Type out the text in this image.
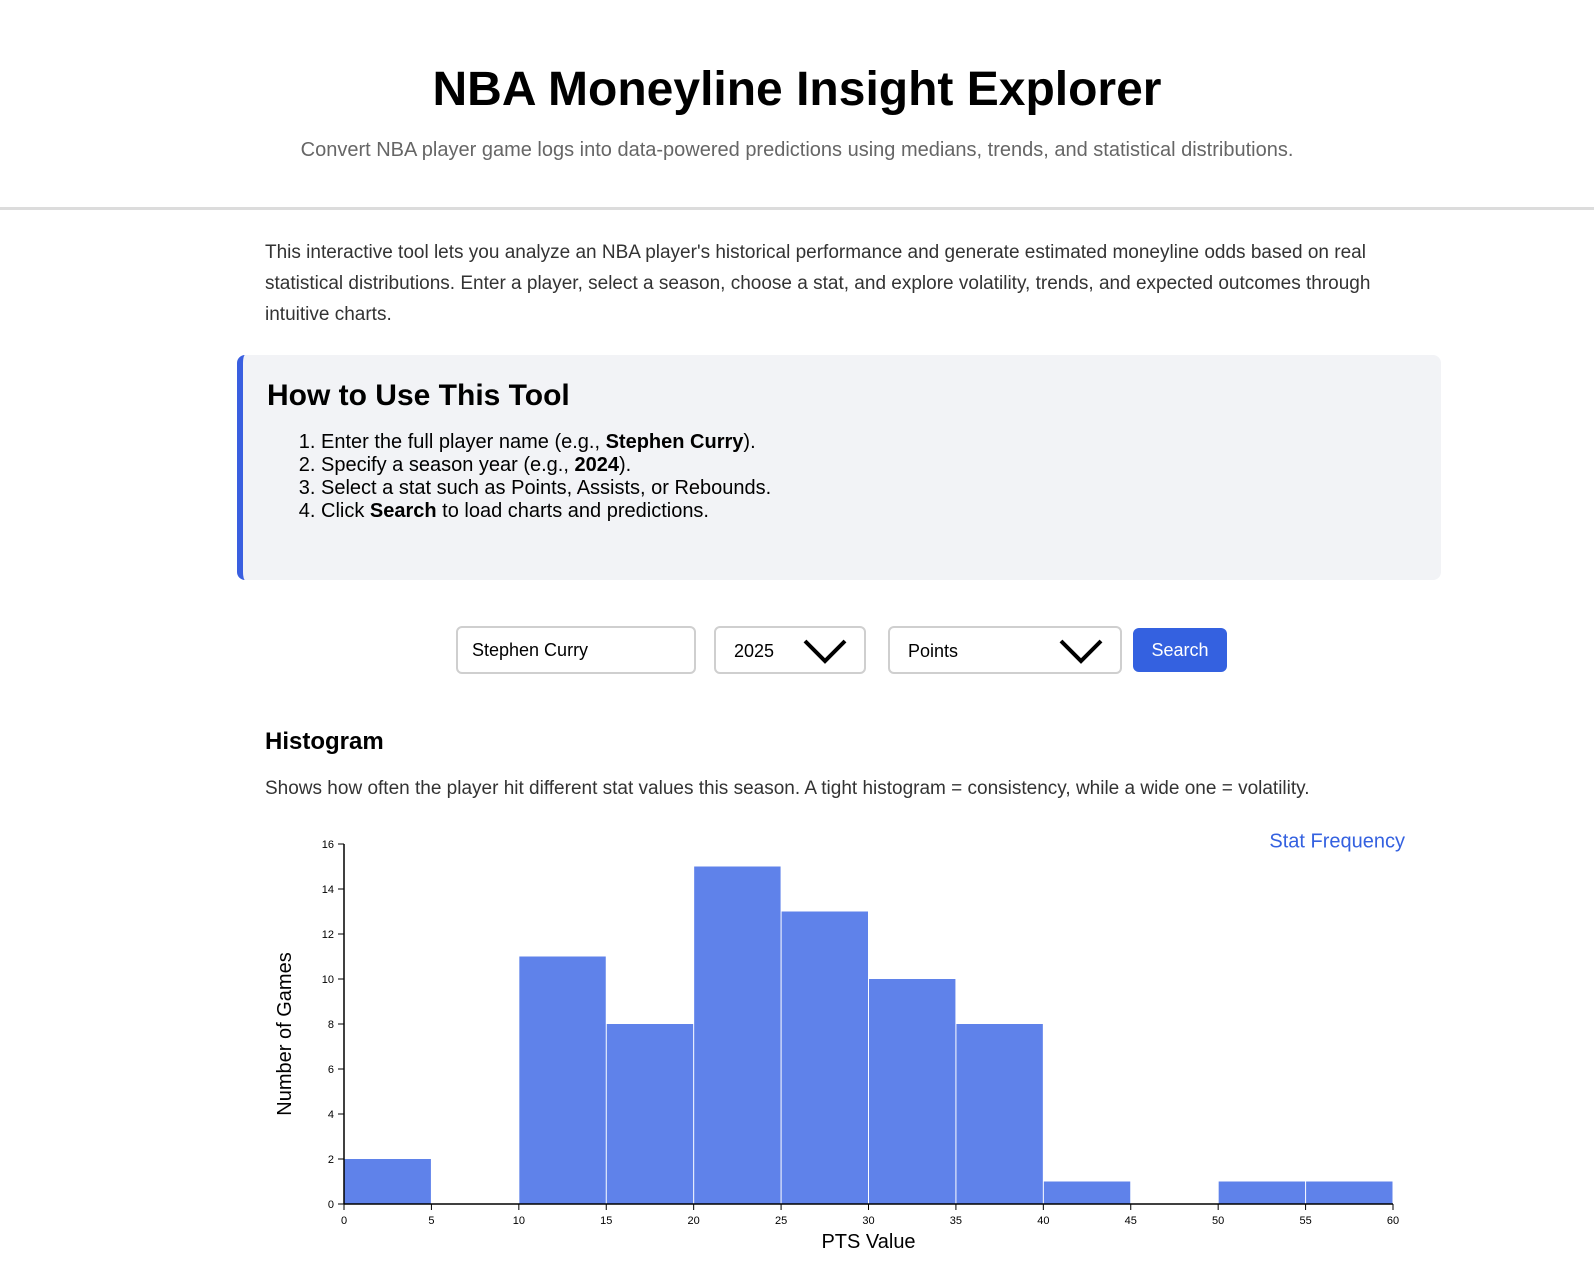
NBA Moneyline Insight Explorer

Convert NBA player game logs into data-powered predictions using medians, trends, and statistical distributions.

This interactive tool lets you analyze an NBA player's historical performance and generate estimated moneyline odds based on real statistical distributions. Enter a player, select a season, choose a stat, and explore volatility, trends, and expected outcomes through intuitive charts.

How to Use This Tool
1. Enter the full player name (e.g., Stephen Curry).
2. Specify a season year (e.g., 2024).
3. Select a stat such as Points, Assists, or Rebounds.
4. Click Search to load charts and predictions.
Stephen Curry
2025	Points	Search
Histogram

Shows how often the player hit different stat values this season. A tight histogram = consistency, while a wide one = volatility.

0	5	10	15	20	25	30	35	40	45	50	55	60
0
2
4
6
8
10
12
14
16
PTS Value
Number of Games
Stat Frequency
